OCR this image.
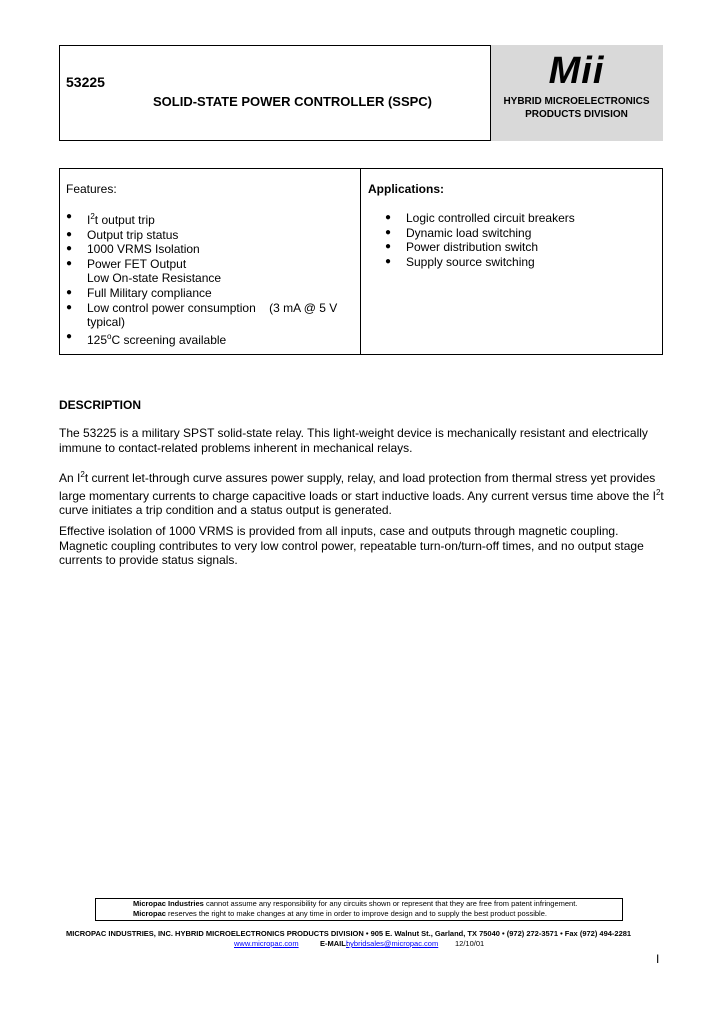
53225
SOLID-STATE POWER CONTROLLER (SSPC)
Mii
HYBRID MICROELECTRONICS
PRODUCTS DIVISION
Features:	Applications:
● $I^2t$ output trip
● Output trip status
● 1000 VRMS Isolation
● Power FET Output
Low On-state Resistance
● Full Military compliance
● Low control power consumption    (3 mA @ 5 V
typical)
● 125$^o$C screening available
● Logic controlled circuit breakers
● Dynamic load switching
● Power distribution switch
● Supply source switching
DESCRIPTION
The 53225 is a military SPST solid-state relay. This light-weight device is mechanically resistant and electrically immune to contact-related problems inherent in mechanical relays.
An $I^2t$ current let-through curve assures power supply, relay, and load protection from thermal stress yet provides large momentary currents to charge capacitive loads or start inductive loads. Any current versus time above the $I^2t$ curve initiates a trip condition and a status output is generated.
Effective isolation of 1000 VRMS is provided from all inputs, case and outputs through magnetic coupling. Magnetic coupling contributes to very low control power, repeatable turn-on/turn-off times, and no output stage currents to provide status signals.
Micropac Industries cannot assume any responsibility for any circuits shown or represent that they are free from patent infringement.
Micropac reserves the right to make changes at any time in order to improve design and to supply the best product possible.
MICROPAC INDUSTRIES, INC. HYBRID MICROELECTRONICS PRODUCTS DIVISION • 905 E. Walnut St., Garland, TX 75040 • (972) 272-3571 • Fax (972) 494-2281
www.micropac.com	E-MAIL:
hybridsales@micropac.com 12/10/01
I
